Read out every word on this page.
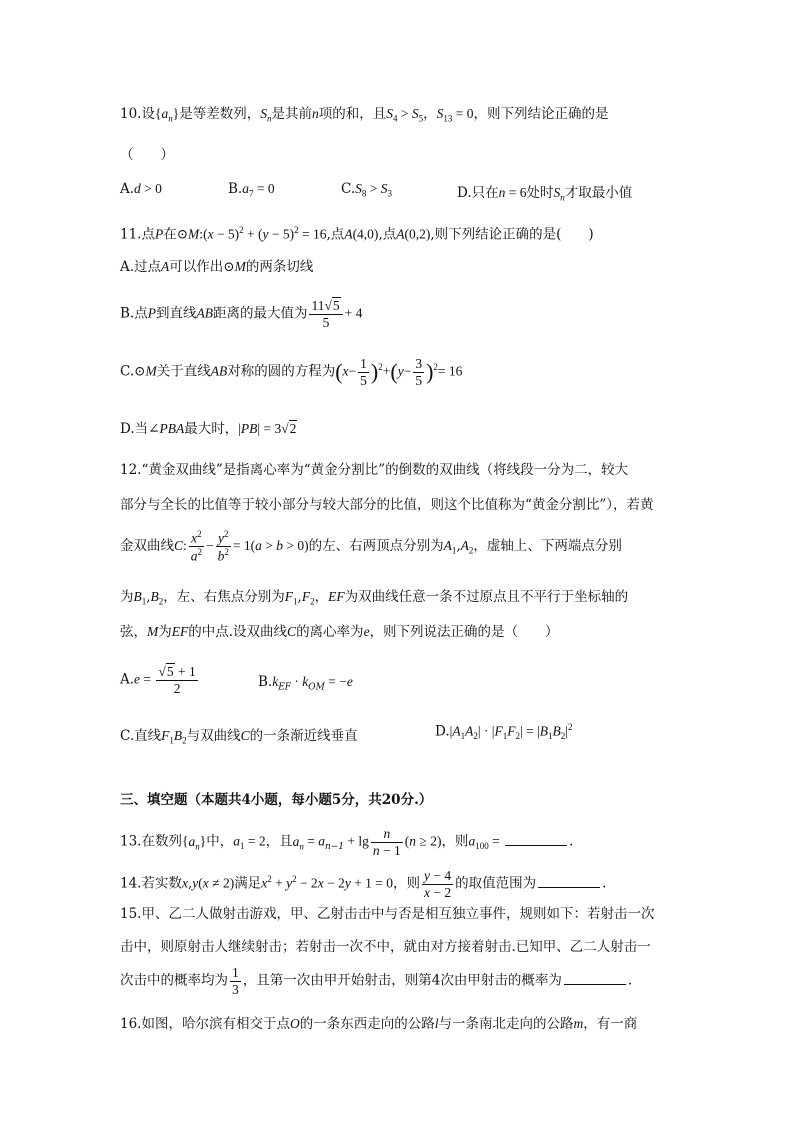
10.设$\{a_n\}$是等差数列，$S_n$是其前n项的和，且$S_4 > S_5$，$S_{13} = 0$，则下列结论正确的是
（　　）
A.d > 0	$B.a_7 = 0$	$C.S_8 > S_3$	D.只在n = 6处时$S_n$才取最小值
11.点P在⊙M:(x − $5)^2 + (y - 5)^2 = 16$,点A(4,0),点A(0,2),则下列结论正确的是(　　)
A.过点A可以作出⊙M的两条切线
B.点P到直线AB距离的最大值为 $\frac{11√5}{5} + 4$
C.⊙M关于直线AB对称的圆的方程为$(x- \frac{1}{5} )^2+(y- \frac{3}{5} )^2= 16$
D.当∠PBA最大时，|PB| = 3√2
12.“黄金双曲线”是指离心率为“黄金分割比”的倒数的双曲线（将线段一分为二，较大
部分与全长的比值等于较小部分与较大部分的比值，则这个比值称为“黄金分割比”），若黄
金双曲线C: $\frac{x^2}{a^2} - \frac{y^2}{b^2} = 1(a > b > 0)$的左、右两顶点分别为$A_1,A_2$，虚轴上、下两端点分别
为$B_1,B_2$，左、右焦点分别为$F_1,F_2$，EF为双曲线任意一条不过原点且不平行于坐标轴的
弦，M为EF的中点.设双曲线C的离心率为e，则下列说法正确的是（　　）
$A.e = \frac{√5 + 1}{2}$	$B.k_{EF} \cdot k_{OM} = -e$
C.直线$F_1B_2$与双曲线C的一条渐近线垂直	$D.|A_1A_2| \cdot |F_1F_2| = |B_1B_2|^2$
三、填空题（本题共4小题，每小题5分，共20分.）
13.在数列$\{a_n\}$中，$a_1 = 2$，且$a_n = a_{n-1} + \lg \frac{n}{n - 1} (n \ge 2)$，则$a_{100}$ =	.
14.若实数x,y(x ≠ 2)满足$x^2 + y^2 - 2x - 2y + 1 = 0$，则 $\frac{y - 4}{x - 2}$ 的取值范围为	.
15.甲、乙二人做射击游戏，甲、乙射击击中与否是相互独立事件，规则如下：若射击一次
击中，则原射击人继续射击；若射击一次不中，就由对方接着射击.已知甲、乙二人射击一
次击中的概率均为 $\frac{1}{3}$ ，且第一次由甲开始射击，则第4次由甲射击的概率为	.
16.如图，哈尔滨有相交于点O的一条东西走向的公路l与一条南北走向的公路m，有一商
